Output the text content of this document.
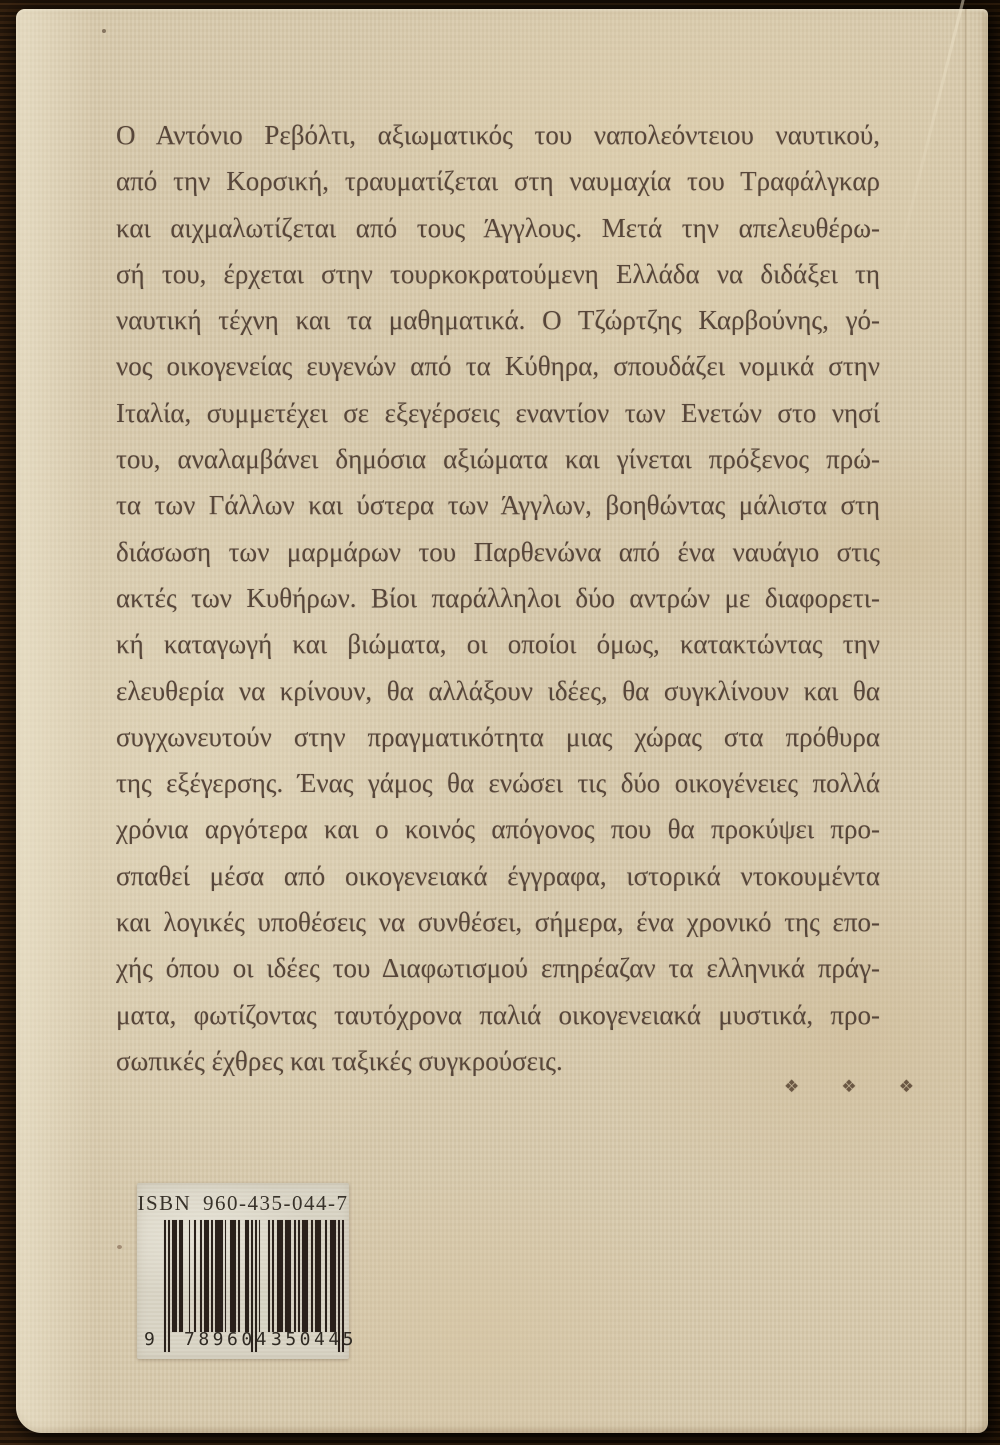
Ο Αντόνιο Ρεβόλτι, αξιωματικός του ναπολεόντειου ναυτικού,
από την Κορσική, τραυματίζεται στη ναυμαχία του Τραφάλγκαρ
και αιχμαλωτίζεται από τους Άγγλους. Μετά την απελευθέρω-
σή του, έρχεται στην τουρκοκρατούμενη Ελλάδα να διδάξει τη
ναυτική τέχνη και τα μαθηματικά. Ο Τζώρτζης Καρβούνης, γό-
νος οικογενείας ευγενών από τα Κύθηρα, σπουδάζει νομικά στην
Ιταλία, συμμετέχει σε εξεγέρσεις εναντίον των Ενετών στο νησί
του, αναλαμβάνει δημόσια αξιώματα και γίνεται πρόξενος πρώ-
τα των Γάλλων και ύστερα των Άγγλων, βοηθώντας μάλιστα στη
διάσωση των μαρμάρων του Παρθενώνα από ένα ναυάγιο στις
ακτές των Κυθήρων. Βίοι παράλληλοι δύο αντρών με διαφορετι-
κή καταγωγή και βιώματα, οι οποίοι όμως, κατακτώντας την
ελευθερία να κρίνουν, θα αλλάξουν ιδέες, θα συγκλίνουν και θα
συγχωνευτούν στην πραγματικότητα μιας χώρας στα πρόθυρα
της εξέγερσης. Ένας γάμος θα ενώσει τις δύο οικογένειες πολλά
χρόνια αργότερα και ο κοινός απόγονος που θα προκύψει προ-
σπαθεί μέσα από οικογενειακά έγγραφα, ιστορικά ντοκουμέντα
και λογικές υποθέσεις να συνθέσει, σήμερα, ένα χρονικό της επο-
χής όπου οι ιδέες του Διαφωτισμού επηρέαζαν τα ελληνικά πράγ-
ματα, φωτίζοντας ταυτόχρονα παλιά οικογενειακά μυστικά, προ-
σωπικές έχθρες και ταξικές συγκρούσεις.
❖ ❖ ❖
ISBN 960-435-044-7
9 789604 350445
